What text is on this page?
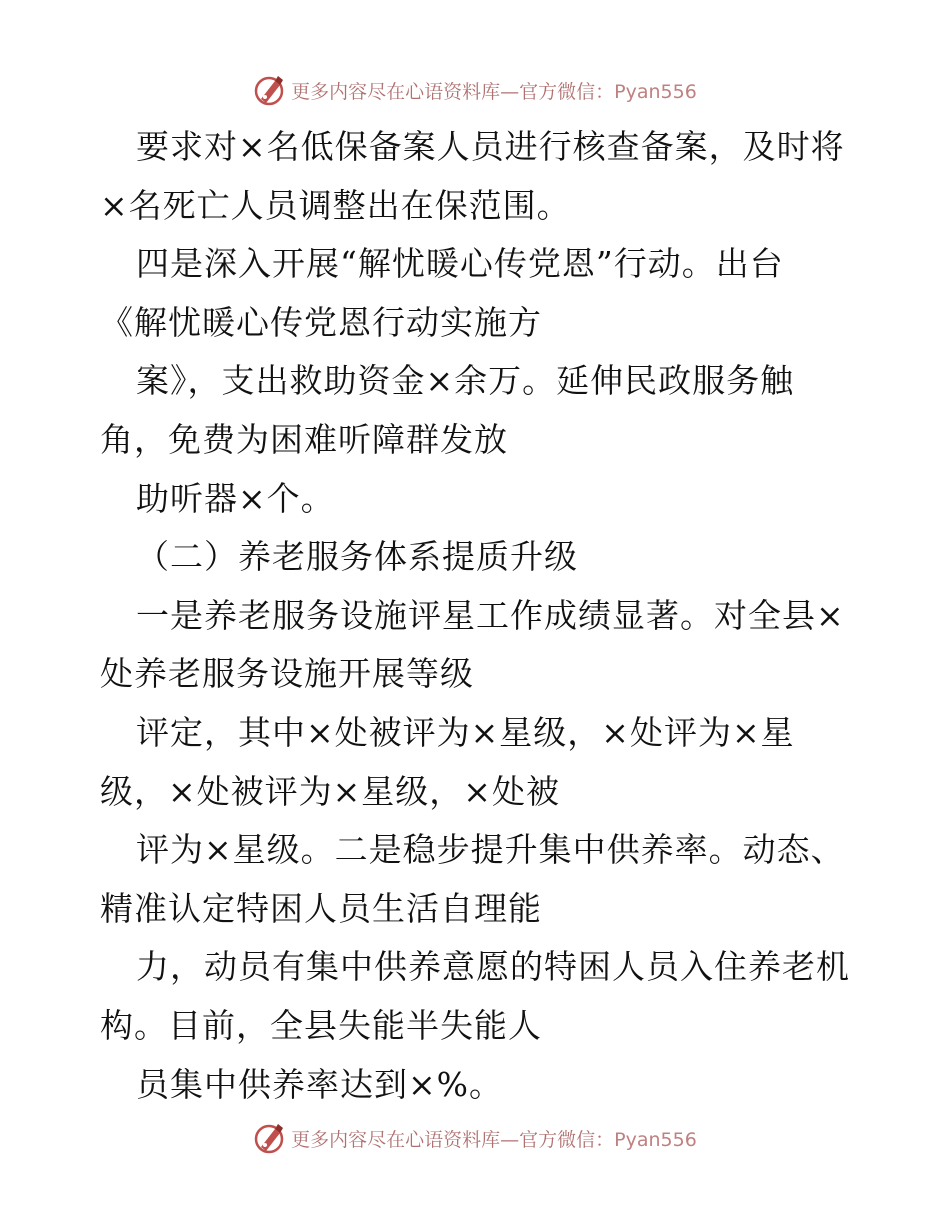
更多内容尽在心语资料库—官方微信：Pyan556
要求对×名低保备案人员进行核查备案，及时将
×名死亡人员调整出在保范围。
四是深入开展“解忧暖心传党恩”行动。出台
《解忧暖心传党恩行动实施方
案》，支出救助资金×余万。延伸民政服务触
角，免费为困难听障群发放
助听器×个。
（二）养老服务体系提质升级
一是养老服务设施评星工作成绩显著。对全县×
处养老服务设施开展等级
评定，其中×处被评为×星级，×处评为×星
级，×处被评为×星级，×处被
评为×星级。二是稳步提升集中供养率。动态、
精准认定特困人员生活自理能
力，动员有集中供养意愿的特困人员入住养老机
构。目前，全县失能半失能人
员集中供养率达到×%。
更多内容尽在心语资料库—官方微信：Pyan556
